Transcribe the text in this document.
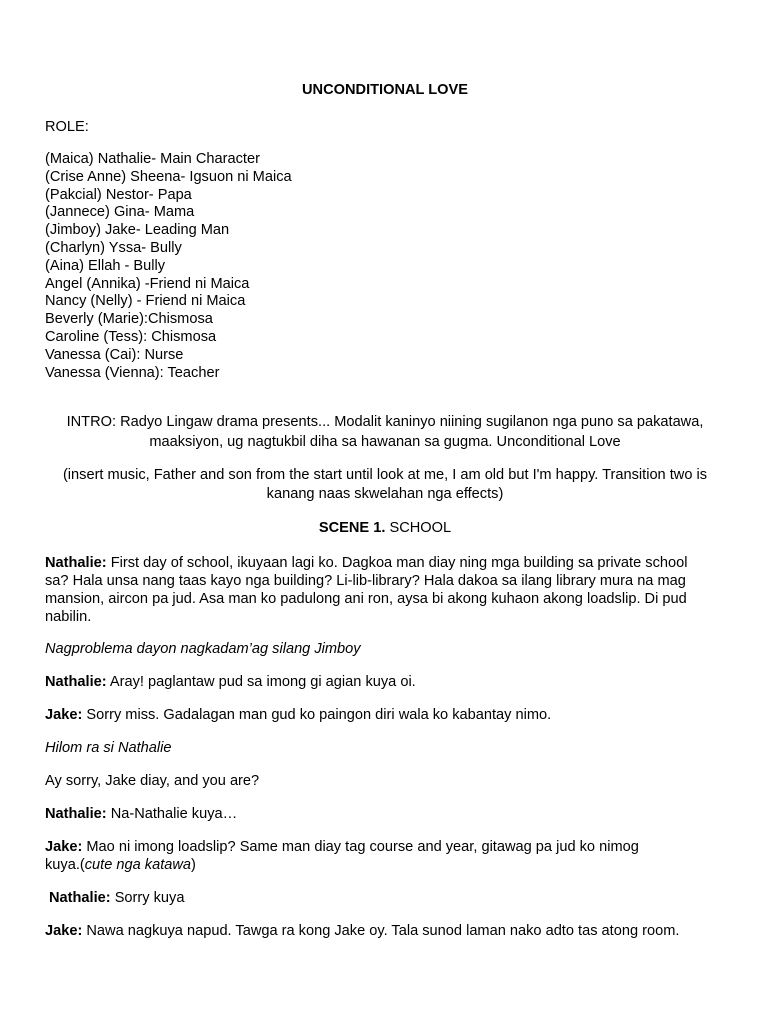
UNCONDITIONAL LOVE

ROLE:

(Maica) Nathalie- Main Character
(Crise Anne) Sheena- Igsuon ni Maica
(Pakcial) Nestor- Papa
(Jannece) Gina- Mama
(Jimboy) Jake- Leading Man
(Charlyn) Yssa- Bully
(Aina) Ellah - Bully
Angel (Annika) -Friend ni Maica
Nancy (Nelly) - Friend ni Maica
Beverly (Marie):Chismosa
Caroline (Tess): Chismosa
Vanessa (Cai): Nurse
Vanessa (Vienna): Teacher

INTRO: Radyo Lingaw drama presents... Modalit kaninyo niining sugilanon nga puno sa pakatawa,
maaksiyon, ug nagtukbil diha sa hawanan sa gugma. Unconditional Love

(insert music, Father and son from the start until look at me, I am old but I'm happy. Transition two is
kanang naas skwelahan nga effects)

SCENE 1. SCHOOL

Nathalie: First day of school, ikuyaan lagi ko. Dagkoa man diay ning mga building sa private school
sa? Hala unsa nang taas kayo nga building? Li-lib-library? Hala dakoa sa ilang library mura na mag
mansion, aircon pa jud. Asa man ko padulong ani ron, aysa bi akong kuhaon akong loadslip. Di pud
nabilin.

Nagproblema dayon nagkadam’ag silang Jimboy

Nathalie: Aray! paglantaw pud sa imong gi agian kuya oi.

Jake: Sorry miss. Gadalagan man gud ko paingon diri wala ko kabantay nimo.

Hilom ra si Nathalie

Ay sorry, Jake diay, and you are?

Nathalie: Na-Nathalie kuya…

Jake: Mao ni imong loadslip? Same man diay tag course and year, gitawag pa jud ko nimog
kuya.(cute nga katawa)

Nathalie: Sorry kuya

Jake: Nawa nagkuya napud. Tawga ra kong Jake oy. Tala sunod laman nako adto tas atong room.
